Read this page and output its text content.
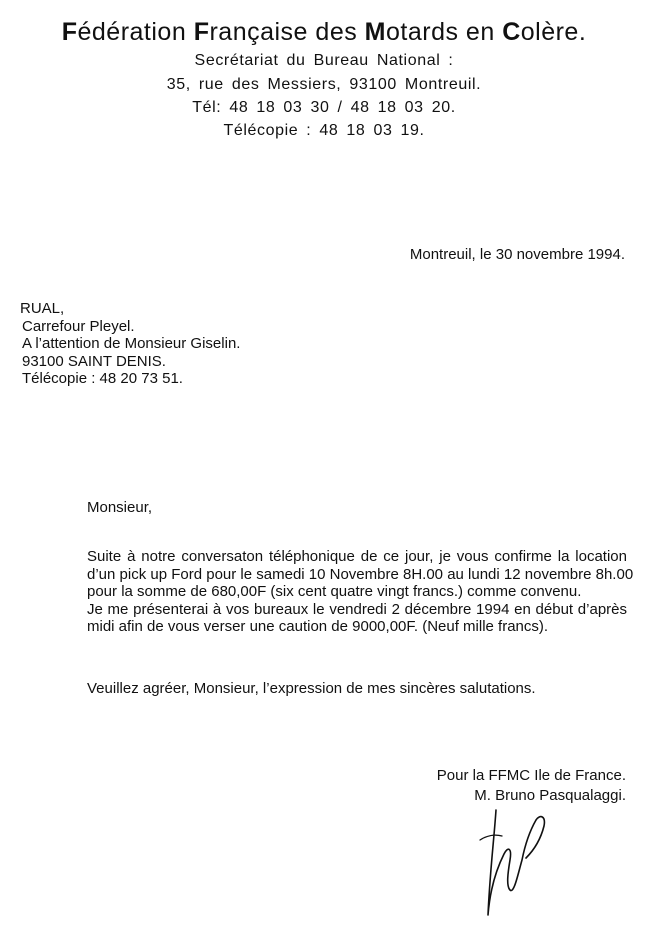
Fédération Française des Motards en Colère.
Secrétariat du Bureau National :
35, rue des Messiers, 93100 Montreuil.
Tél: 48 18 03 30 / 48 18 03 20.
Télécopie : 48 18 03 19.
Montreuil, le 30 novembre 1994.
RUAL,
Carrefour Pleyel.
A l’attention de Monsieur Giselin.
93100 SAINT DENIS.
Télécopie : 48 20 73 51.
Monsieur,
Suite à notre conversaton téléphonique de ce jour, je vous confirme la location
d’un pick up Ford pour le samedi 10 Novembre 8H.00 au lundi 12 novembre 8h.00
pour la somme de 680,00F (six cent quatre vingt francs.) comme convenu.
Je me présenterai à vos bureaux le vendredi 2 décembre 1994 en début d’après
midi afin de vous verser une caution de 9000,00F. (Neuf mille francs).
Veuillez agréer, Monsieur, l’expression de mes sincères salutations.
Pour la FFMC Ile de France.
M. Bruno Pasqualaggi.
